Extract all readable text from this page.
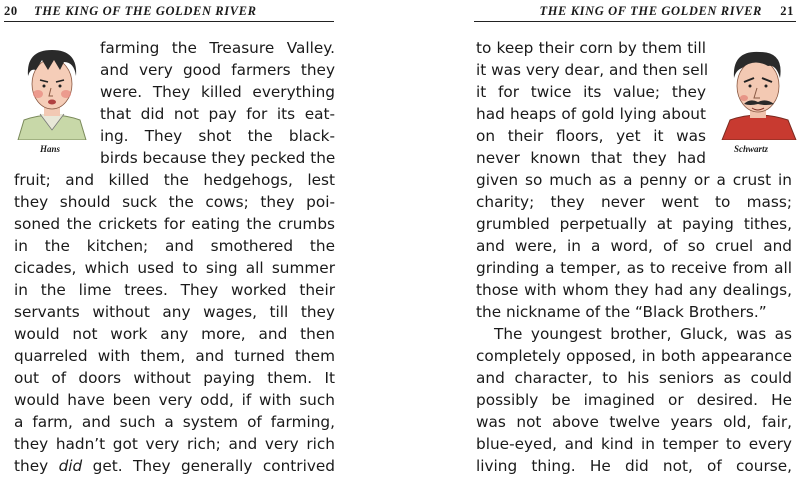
20 THE KING OF THE GOLDEN RIVER
Hans
farming the Treasure Valley.
and very good farmers they
were. They killed everything
that did not pay for its eat-
ing. They shot the black-
birds because they pecked the
fruit; and killed the hedgehogs, lest
they should suck the cows; they poi-
soned the crickets for eating the crumbs
in the kitchen; and smothered the
cicades, which used to sing all summer
in the lime trees. They worked their
servants without any wages, till they
would not work any more, and then
quarreled with them, and turned them
out of doors without paying them. It
would have been very odd, if with such
a farm, and such a system of farming,
they hadn’t got very rich; and very rich
they did get. They generally contrived
THE KING OF THE GOLDEN RIVER 21
Schwartz
to keep their corn by them till
it was very dear, and then sell
it for twice its value; they
had heaps of gold lying about
on their floors, yet it was
never known that they had
given so much as a penny or a crust in
charity; they never went to mass;
grumbled perpetually at paying tithes,
and were, in a word, of so cruel and
grinding a temper, as to receive from all
those with whom they had any dealings,
the nickname of the “Black Brothers.”
The youngest brother, Gluck, was as
completely opposed, in both appearance
and character, to his seniors as could
possibly be imagined or desired. He
was not above twelve years old, fair,
blue-eyed, and kind in temper to every
living thing. He did not, of course,
